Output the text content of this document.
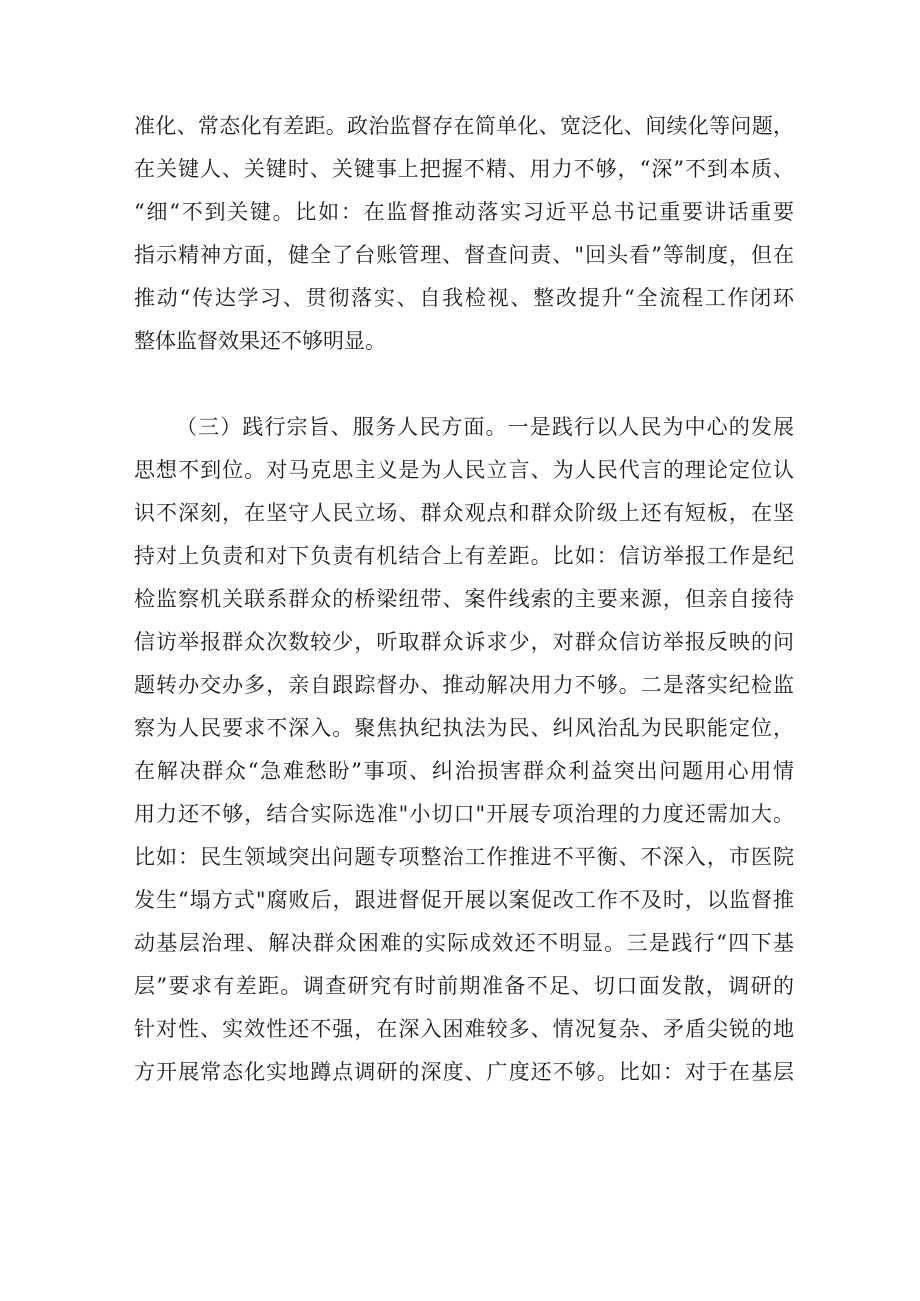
准化、常态化有差距。政治监督存在简单化、宽泛化、间续化等问题，
在关键人、关键时、关键事上把握不精、用力不够，“深”不到本质、
“细“不到关键。比如：在监督推动落实习近平总书记重要讲话重要
指示精神方面，健全了台账管理、督查问责、"回头看”等制度，但在
推动“传达学习、贯彻落实、自我检视、整改提升“全流程工作闭环
整体监督效果还不够明显。
（三）践行宗旨、服务人民方面。一是践行以人民为中心的发展
思想不到位。对马克思主义是为人民立言、为人民代言的理论定位认
识不深刻，在坚守人民立场、群众观点和群众阶级上还有短板，在坚
持对上负责和对下负责有机结合上有差距。比如：信访举报工作是纪
检监察机关联系群众的桥梁纽带、案件线索的主要来源，但亲自接待
信访举报群众次数较少，听取群众诉求少，对群众信访举报反映的问
题转办交办多，亲自跟踪督办、推动解决用力不够。二是落实纪检监
察为人民要求不深入。聚焦执纪执法为民、纠风治乱为民职能定位，
在解决群众“急难愁盼”事项、纠治损害群众利益突出问题用心用情
用力还不够，结合实际选准"小切口"开展专项治理的力度还需加大。
比如：民生领域突出问题专项整治工作推进不平衡、不深入，市医院
发生“塌方式"腐败后，跟进督促开展以案促改工作不及时，以监督推
动基层治理、解决群众困难的实际成效还不明显。三是践行“四下基
层”要求有差距。调查研究有时前期准备不足、切口面发散，调研的
针对性、实效性还不强，在深入困难较多、情况复杂、矛盾尖锐的地
方开展常态化实地蹲点调研的深度、广度还不够。比如：对于在基层
